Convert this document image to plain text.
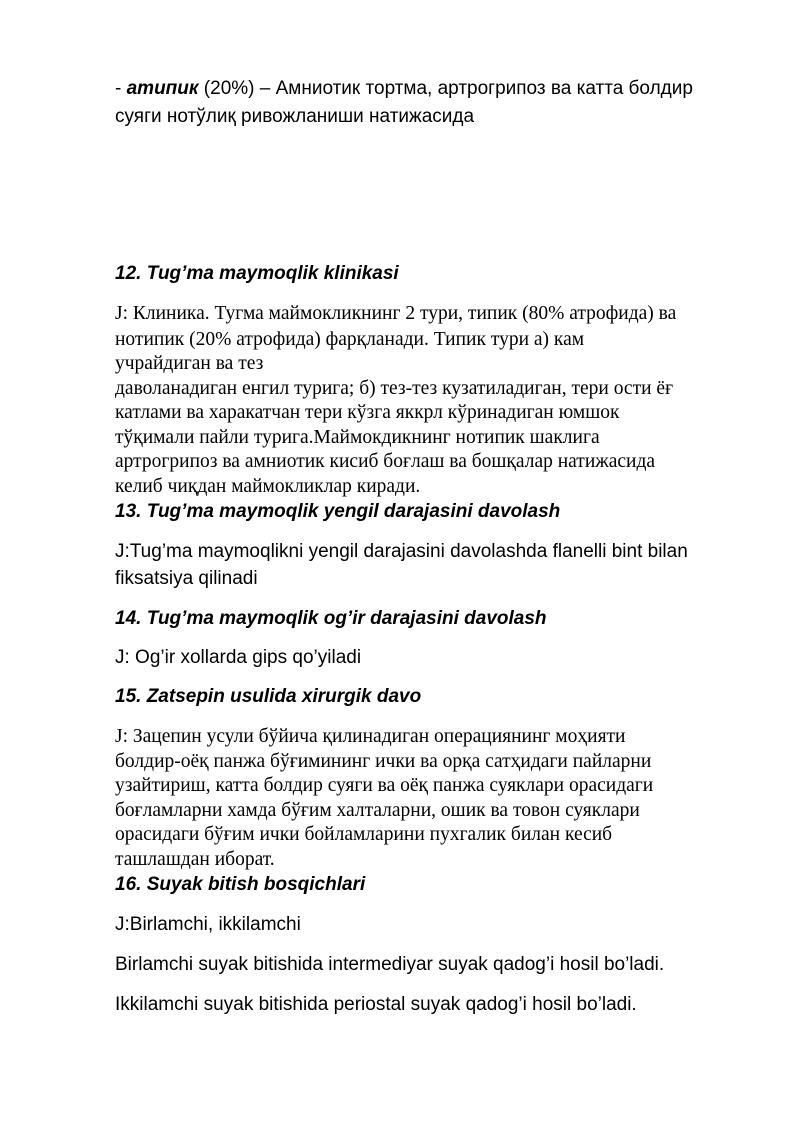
- атипик (20%) – Амниотик тортма, артрогрипоз ва катта болдир
суяги нотўлиқ ривожланиши натижасида
12. Tug’ma maymoqlik klinikasi
J: Клиника. Тугма маймокликнинг 2 тури, типик (80% атрофида) ва
нотипик (20% атрофида) фарқланади. Типик тури а) кам
учрайдиган ва тез
даволанадиган енгил турига; б) тез-тез кузатиладиган, тери ости ёғ
катлами ва харакатчан тери кўзга яккрл кўринадиган юмшок
тўқимали пайли турига.Маймокдикнинг нотипик шаклига
артрогрипоз ва амниотик кисиб боғлаш ва бошқалар натижасида
келиб чиқдан маймокликлар киради.
13. Tug’ma maymoqlik yengil darajasini davolash
J:Tug’ma maymoqlikni yengil darajasini davolashda flanelli bint bilan
fiksatsiya qilinadi
14. Tug’ma maymoqlik og’ir darajasini davolash
J: Og’ir xollarda gips qo’yiladi
15. Zatsepin usulida xirurgik davo
J: Зацепин усули бўйича қилинадиган операциянинг моҳияти
болдир-оёқ панжа бўғимининг ички ва орқа сатҳидаги пайларни
узайтириш, катта болдир суяги ва оёқ панжа суяклари орасидаги
боғламларни хамда бўғим халталарни, ошик ва товон суяклари
орасидаги бўғим ички бойламларини пухгалик билан кесиб
ташлашдан иборат.
16. Suyak bitish bosqichlari
J:Birlamchi, ikkilamchi
Birlamchi suyak bitishida intermediyar suyak qadog’i hosil bo’ladi.
Ikkilamchi suyak bitishida periostal suyak qadog’i hosil bo’ladi.
